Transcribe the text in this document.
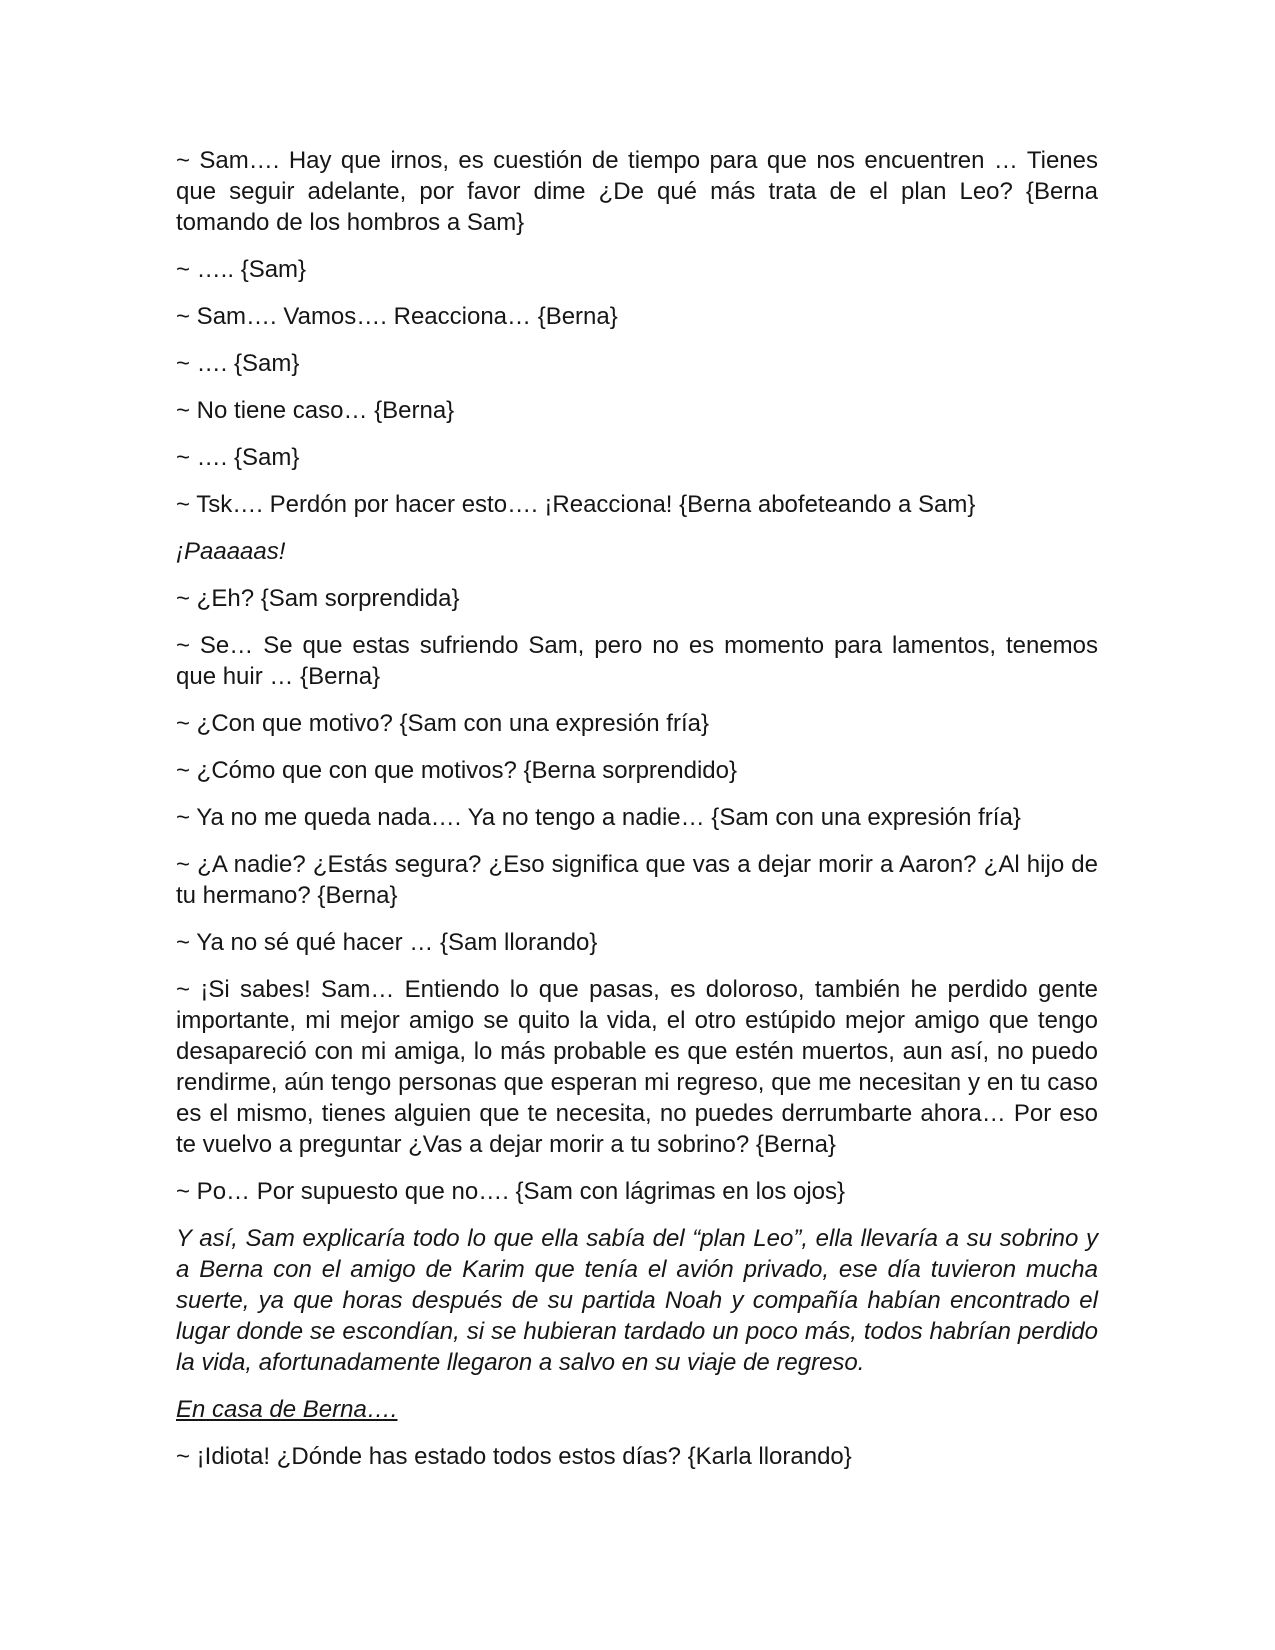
~ Sam…. Hay que irnos, es cuestión de tiempo para que nos encuentren … Tienes que seguir adelante, por favor dime ¿De qué más trata de el plan Leo? {Berna tomando de los hombros a Sam}

~ ….. {Sam}

~ Sam…. Vamos…. Reacciona… {Berna}

~ …. {Sam}

~ No tiene caso… {Berna}

~ …. {Sam}

~ Tsk…. Perdón por hacer esto…. ¡Reacciona! {Berna abofeteando a Sam}

¡Paaaaas!

~ ¿Eh? {Sam sorprendida}

~ Se… Se que estas sufriendo Sam, pero no es momento para lamentos, tenemos que huir … {Berna}

~ ¿Con que motivo? {Sam con una expresión fría}

~ ¿Cómo que con que motivos? {Berna sorprendido}

~ Ya no me queda nada…. Ya no tengo a nadie… {Sam con una expresión fría}

~ ¿A nadie? ¿Estás segura? ¿Eso significa que vas a dejar morir a Aaron? ¿Al hijo de tu hermano? {Berna}

~ Ya no sé qué hacer … {Sam llorando}

~ ¡Si sabes! Sam… Entiendo lo que pasas, es doloroso, también he perdido gente importante, mi mejor amigo se quito la vida, el otro estúpido mejor amigo que tengo desapareció con mi amiga, lo más probable es que estén muertos, aun así, no puedo rendirme, aún tengo personas que esperan mi regreso, que me necesitan y en tu caso es el mismo, tienes alguien que te necesita, no puedes derrumbarte ahora… Por eso te vuelvo a preguntar ¿Vas a dejar morir a tu sobrino? {Berna}

~ Po… Por supuesto que no…. {Sam con lágrimas en los ojos}

Y así, Sam explicaría todo lo que ella sabía del “plan Leo”, ella llevaría a su sobrino y a Berna con el amigo de Karim que tenía el avión privado, ese día tuvieron mucha suerte, ya que horas después de su partida Noah y compañía habían encontrado el lugar donde se escondían, si se hubieran tardado un poco más, todos habrían perdido la vida, afortunadamente llegaron a salvo en su viaje de regreso.

En casa de Berna….

~ ¡Idiota! ¿Dónde has estado todos estos días? {Karla llorando}
